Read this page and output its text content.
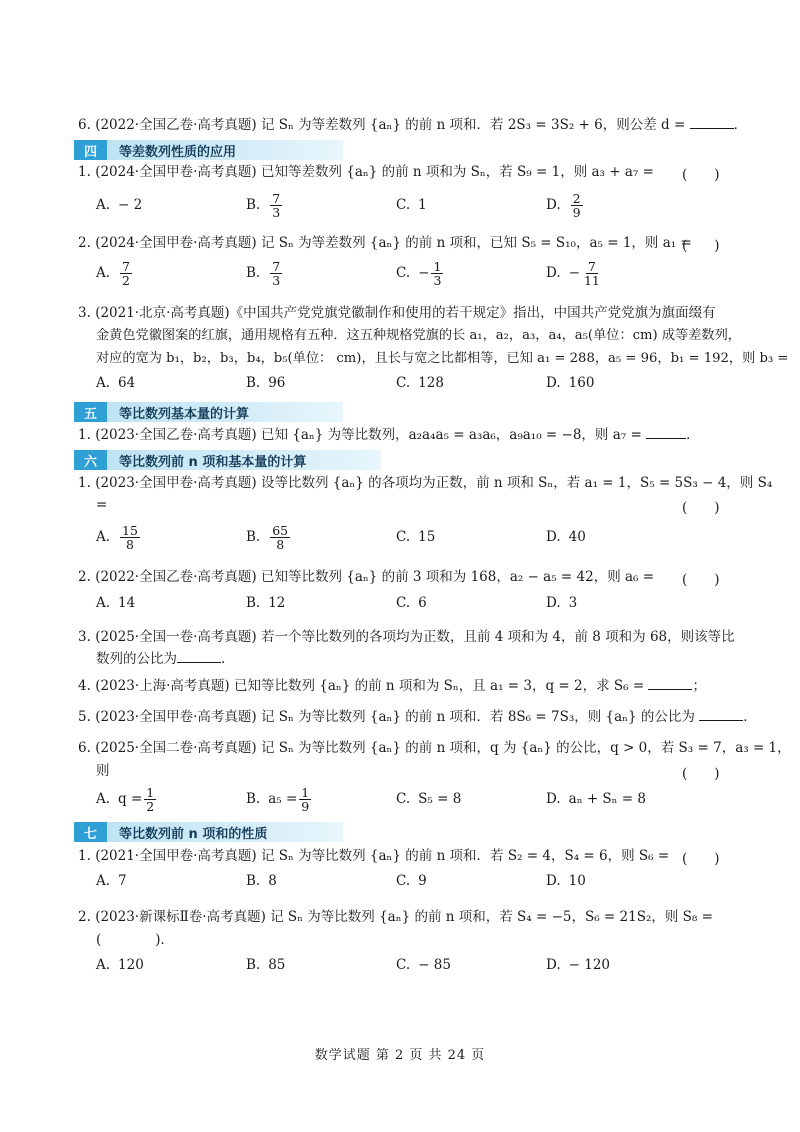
6. (2022·全国乙卷·高考真题) 记 Sₙ 为等差数列 {aₙ} 的前 n 项和．若 2S₃ = 3S₂ + 6，则公差 d =	．
四	等差数列性质的应用
1. (2024·全国甲卷·高考真题) 已知等差数列 {aₙ} 的前 n 项和为 Sₙ，若 S₉ = 1，则 a₃ + a₇ = (　　)
A. − 2	B. $\frac{7}{3}$	C. 1	D. $\frac{2}{9}$
2. (2024·全国甲卷·高考真题) 记 Sₙ 为等差数列 {aₙ} 的前 n 项和，已知 S₅ = S₁₀，a₅ = 1，则 a₁ =
(　　)
A. $\frac{7}{2}$	B. $\frac{7}{3}$	C. − $\frac{1}{3}$	D. − $\frac{7}{11}$
3. (2021·北京·高考真题)《中国共产党党旗党徽制作和使用的若干规定》指出，中国共产党党旗为旗面缀有
金黄色党徽图案的红旗，通用规格有五种．这五种规格党旗的长 a₁，a₂，a₃，a₄，a₅(单位：cm) 成等差数列，
对应的宽为 b₁，b₂，b₃，b₄，b₅(单位： cm)，且长与宽之比都相等，已知 a₁ = 288，a₅ = 96，b₁ = 192，则 b₃ =
A. 64	B. 96	C. 128	D. 160
五	等比数列基本量的计算
1. (2023·全国乙卷·高考真题) 已知 {aₙ} 为等比数列，a₂a₄a₅ = a₃a₆，a₉a₁₀ = −8，则 a₇ =	．
六	等比数列前 n 项和基本量的计算
1. (2023·全国甲卷·高考真题) 设等比数列 {aₙ} 的各项均为正数，前 n 项和 Sₙ，若 a₁ = 1，S₅ = 5S₃ − 4，则 S₄
=	(　　)
A. $\frac{15}{8}$	B. $\frac{65}{8}$	C. 15	D. 40
2. (2022·全国乙卷·高考真题) 已知等比数列 {aₙ} 的前 3 项和为 168，a₂ − a₅ = 42，则 a₆ = (　　)
A. 14	B. 12	C. 6	D. 3
3. (2025·全国一卷·高考真题) 若一个等比数列的各项均为正数，且前 4 项和为 4，前 8 项和为 68，则该等比
数列的公比为	．
4. (2023·上海·高考真题) 已知等比数列 {aₙ} 的前 n 项和为 Sₙ，且 a₁ = 3，q = 2，求 S₆ =	；
5. (2023·全国甲卷·高考真题) 记 Sₙ 为等比数列 {aₙ} 的前 n 项和．若 8S₆ = 7S₃，则 {aₙ} 的公比为	．
6. (2025·全国二卷·高考真题) 记 Sₙ 为等比数列 {aₙ} 的前 n 项和，q 为 {aₙ} 的公比，q > 0，若 S₃ = 7，a₃ = 1，
则	(　　)
A. $q = \frac{1}{2}$	B. $a_5 = \frac{1}{9}$	C. S₅ = 8	D. aₙ + Sₙ = 8
七	等比数列前 n 项和的性质
1. (2021·全国甲卷·高考真题) 记 Sₙ 为等比数列 {aₙ} 的前 n 项和．若 S₂ = 4，S₄ = 6，则 S₆ = (　　)
A. 7	B. 8	C. 9	D. 10
2. (2023·新课标Ⅱ卷·高考真题) 记 Sₙ 为等比数列 {aₙ} 的前 n 项和，若 S₄ = −5，S₆ = 21S₂，则 S₈ =
(　　　　)．
A. 120	B. 85	C. − 85	D. − 120
数学试题 第 2 页 共 24 页
